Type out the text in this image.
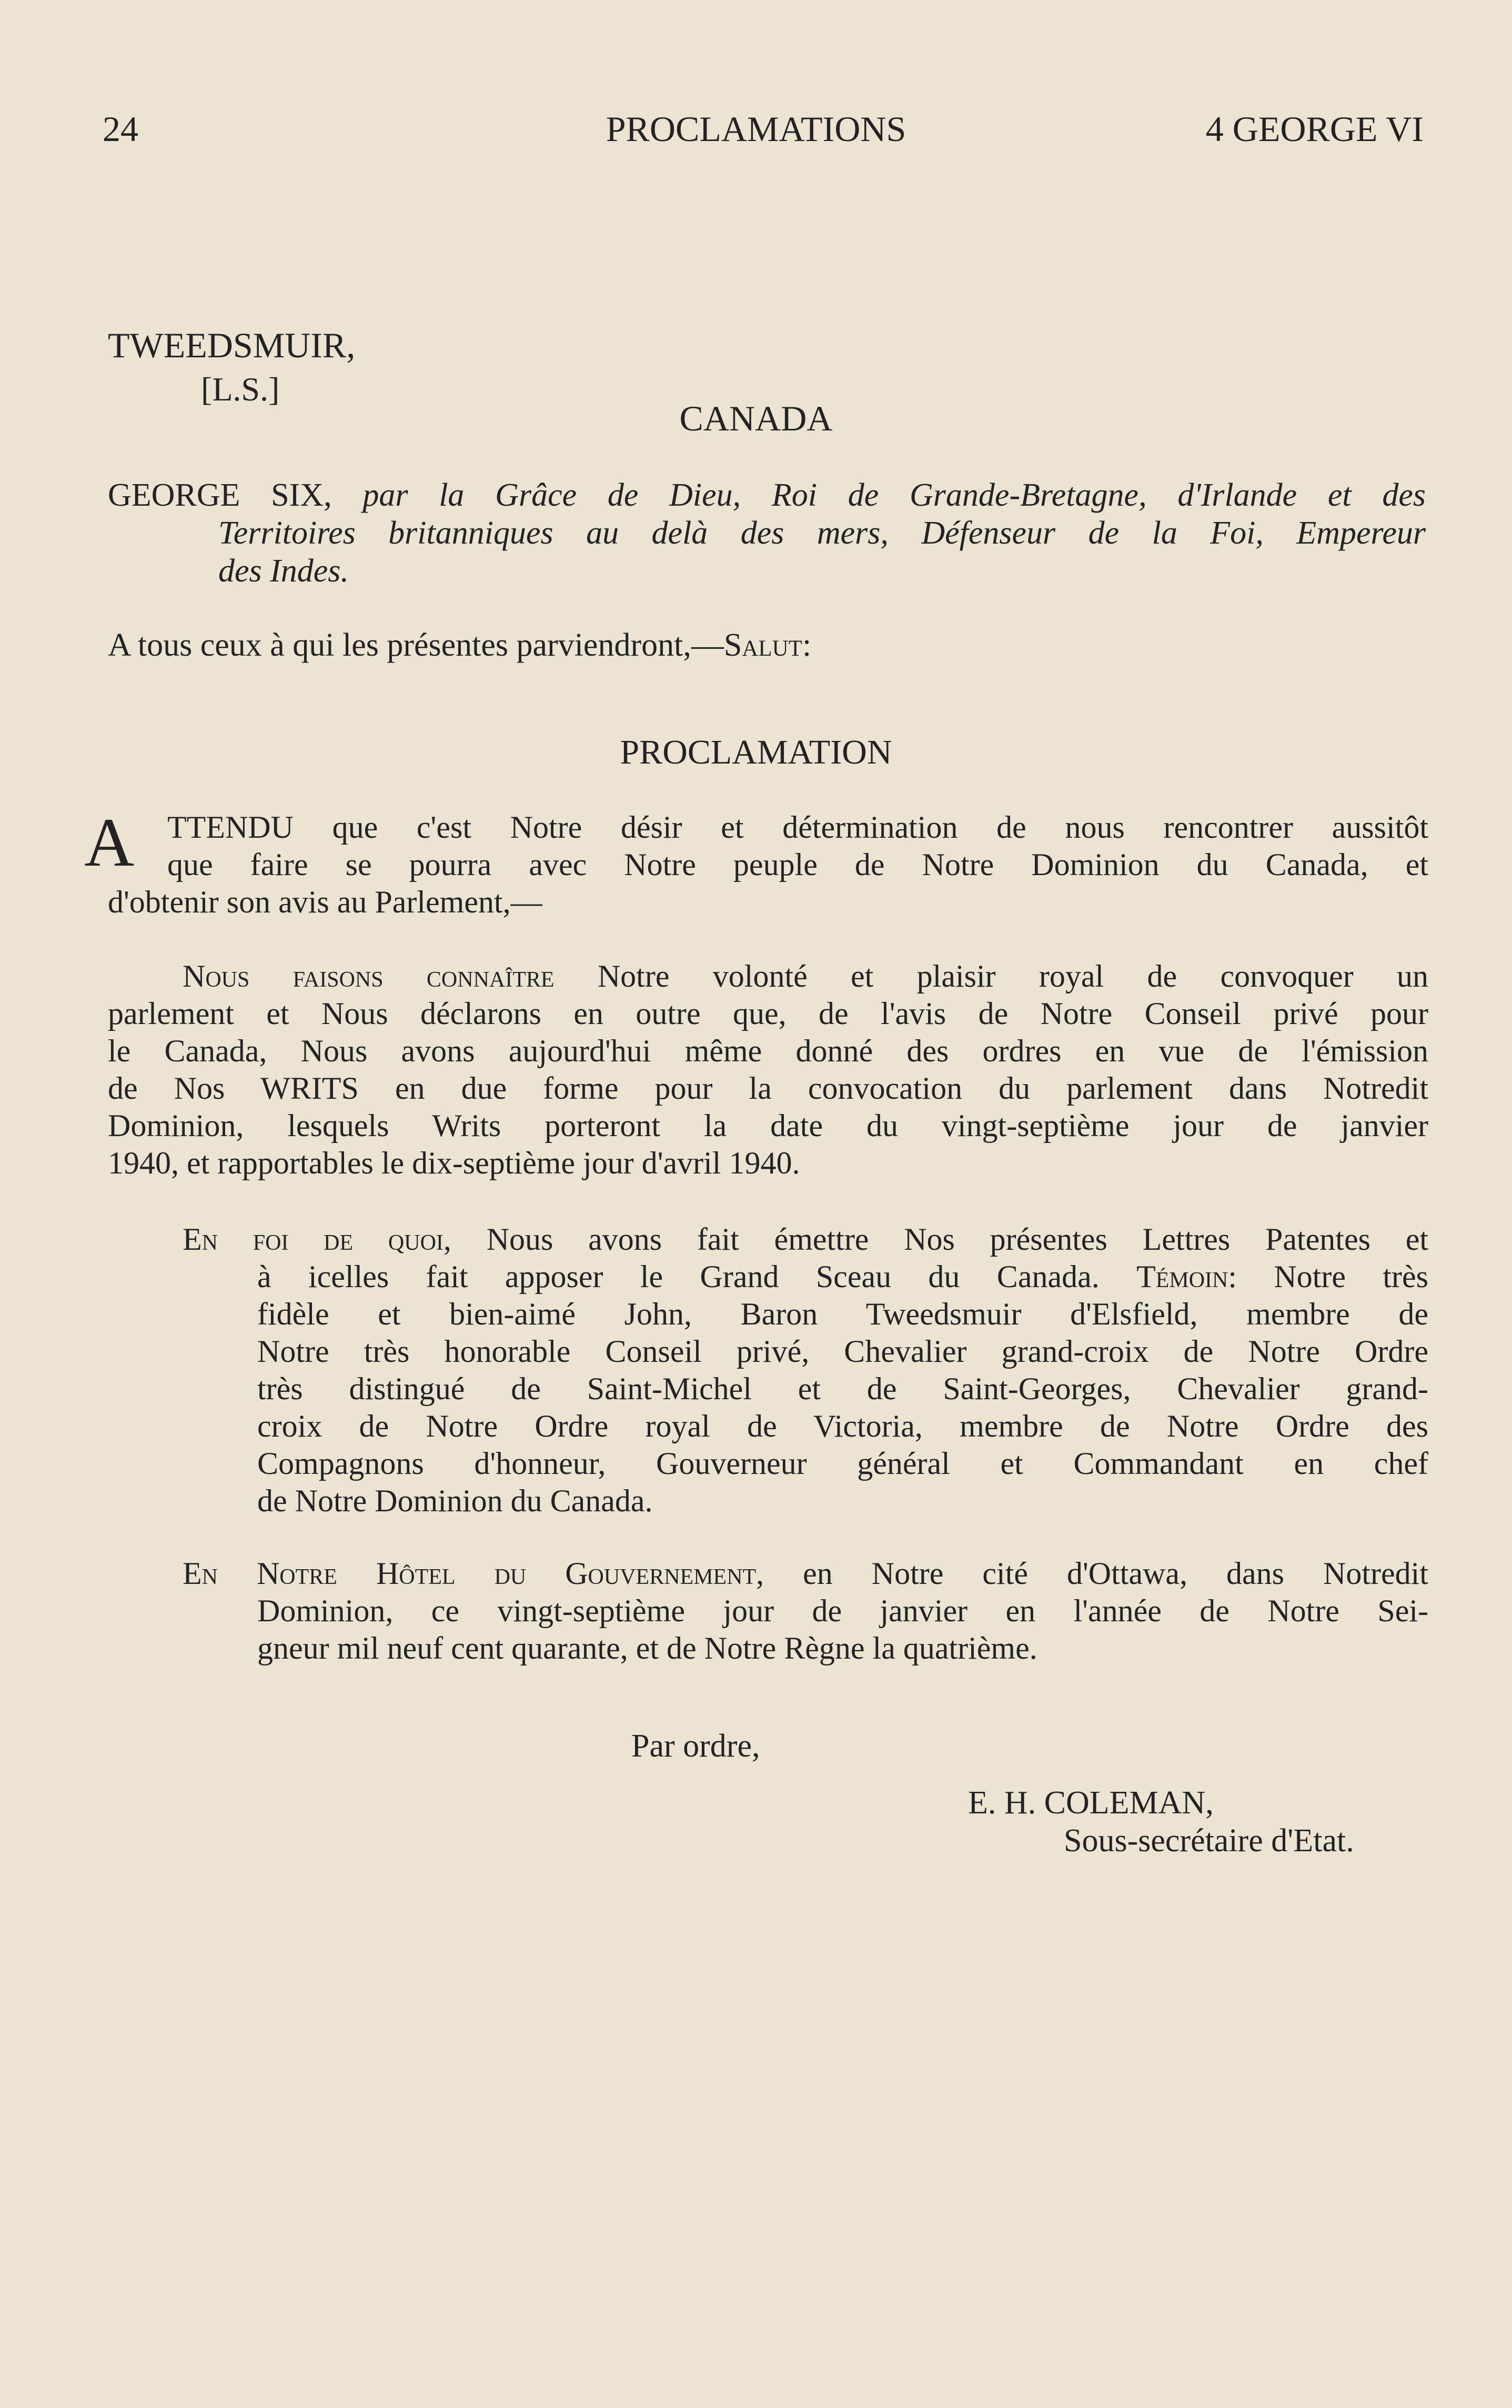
24	PROCLAMATIONS	4 GEORGE VI
TWEEDSMUIR,
[L.S.]
CANADA
GEORGE SIX, par la Grâce de Dieu, Roi de Grande-Bretagne, d'Irlande et des
Territoires britanniques au delà des mers, Défenseur de la Foi, Empereur
des Indes.
A tous ceux à qui les présentes parviendront,—Salut:
PROCLAMATION
A TTENDU que c'est Notre désir et détermination de nous rencontrer aussitôt
que faire se pourra avec Notre peuple de Notre Dominion du Canada, et
d'obtenir son avis au Parlement,—
Nous faisons connaître Notre volonté et plaisir royal de convoquer un
parlement et Nous déclarons en outre que, de l'avis de Notre Conseil privé pour
le Canada, Nous avons aujourd'hui même donné des ordres en vue de l'émission
de Nos WRITS en due forme pour la convocation du parlement dans Notredit
Dominion, lesquels Writs porteront la date du vingt-septième jour de janvier
1940, et rapportables le dix-septième jour d'avril 1940.
En foi de quoi, Nous avons fait émettre Nos présentes Lettres Patentes et
à icelles fait apposer le Grand Sceau du Canada. Témoin: Notre très
fidèle et bien-aimé John, Baron Tweedsmuir d'Elsfield, membre de
Notre très honorable Conseil privé, Chevalier grand-croix de Notre Ordre
très distingué de Saint-Michel et de Saint-Georges, Chevalier grand-
croix de Notre Ordre royal de Victoria, membre de Notre Ordre des
Compagnons d'honneur, Gouverneur général et Commandant en chef
de Notre Dominion du Canada.
En Notre Hôtel du Gouvernement, en Notre cité d'Ottawa, dans Notredit
Dominion, ce vingt-septième jour de janvier en l'année de Notre Sei-
gneur mil neuf cent quarante, et de Notre Règne la quatrième.
Par ordre,
E. H. COLEMAN,
Sous-secrétaire d'Etat.
